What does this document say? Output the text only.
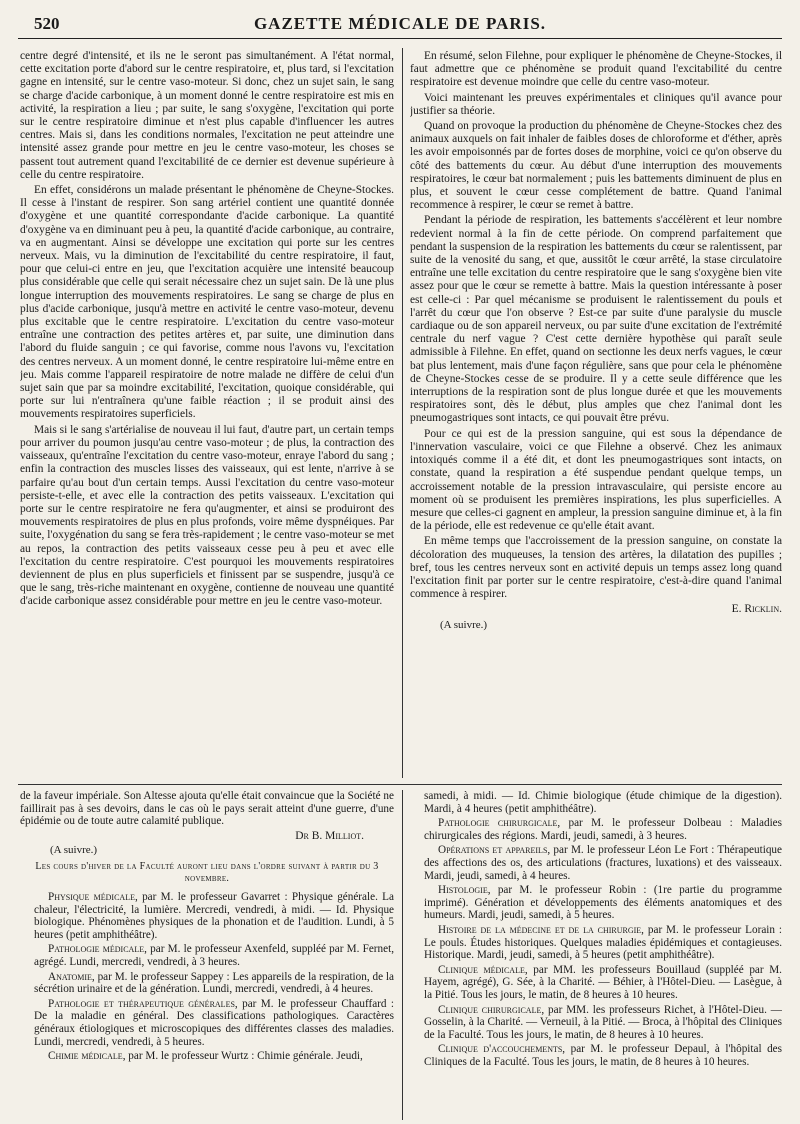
520	GAZETTE MÉDICALE DE PARIS.

centre degré d'intensité, et ils ne le seront pas simultanément. A l'état normal, cette excitation porte d'abord sur le centre respiratoire, et, plus tard, si l'excitation gagne en intensité, sur le centre vaso-moteur. Si donc, chez un sujet sain, le sang se charge d'acide carbonique, à un moment donné le centre respiratoire est mis en activité, la respiration a lieu ; par suite, le sang s'oxygène, l'excitation qui porte sur le centre respiratoire diminue et n'est plus capable d'influencer les autres centres. Mais si, dans les conditions normales, l'excitation ne peut atteindre une intensité assez grande pour mettre en jeu le centre vaso-moteur, les choses se passent tout autrement quand l'excitabilité de ce dernier est devenue supérieure à celle du centre respiratoire.

En effet, considérons un malade présentant le phénomène de Cheyne-Stockes. Il cesse à l'instant de respirer. Son sang artériel contient une quantité donnée d'oxygène et une quantité correspondante d'acide carbonique. La quantité d'oxygène va en diminuant peu à peu, la quantité d'acide carbonique, au contraire, va en augmentant. Ainsi se développe une excitation qui porte sur les centres nerveux. Mais, vu la diminution de l'excitabilité du centre respiratoire, il faut, pour que celui-ci entre en jeu, que l'excitation acquière une intensité beaucoup plus considérable que celle qui serait nécessaire chez un sujet sain. De là une plus longue interruption des mouvements respiratoires. Le sang se charge de plus en plus d'acide carbonique, jusqu'à mettre en activité le centre vaso-moteur, devenu plus excitable que le centre respiratoire. L'excitation du centre vaso-moteur entraîne une contraction des petites artères et, par suite, une diminution dans l'abord du fluide sanguin ; ce qui favorise, comme nous l'avons vu, l'excitation des centres nerveux. A un moment donné, le centre respiratoire lui-même entre en jeu. Mais comme l'appareil respiratoire de notre malade ne diffère de celui d'un sujet sain que par sa moindre excitabilité, l'excitation, quoique considérable, qui porte sur lui n'entraînera qu'une faible réaction ; il se produit ainsi des mouvements respiratoires superficiels.

Mais si le sang s'artérialise de nouveau il lui faut, d'autre part, un certain temps pour arriver du poumon jusqu'au centre vaso-moteur ; de plus, la contraction des vaisseaux, qu'entraîne l'excitation du centre vaso-moteur, enraye l'abord du sang ; enfin la contraction des muscles lisses des vaisseaux, qui est lente, n'arrive à se parfaire qu'au bout d'un certain temps. Aussi l'excitation du centre vaso-moteur persiste-t-elle, et avec elle la contraction des petits vaisseaux. L'excitation qui porte sur le centre respiratoire ne fera qu'augmenter, et ainsi se produiront des mouvements respiratoires de plus en plus profonds, voire même dyspnéiques. Par suite, l'oxygénation du sang se fera très-rapidement ; le centre vaso-moteur se met au repos, la contraction des petits vaisseaux cesse peu à peu et avec elle l'excitation du centre respiratoire. C'est pourquoi les mouvements respiratoires deviennent de plus en plus superficiels et finissent par se suspendre, jusqu'à ce que le sang, très-riche maintenant en oxygène, contienne de nouveau une quantité d'acide carbonique assez considérable pour mettre en jeu le centre vaso-moteur.

En résumé, selon Filehne, pour expliquer le phénomène de Cheyne-Stockes, il faut admettre que ce phénomène se produit quand l'excitabilité du centre respiratoire est devenue moindre que celle du centre vaso-moteur.

Voici maintenant les preuves expérimentales et cliniques qu'il avance pour justifier sa théorie.

Quand on provoque la production du phénomène de Cheyne-Stockes chez des animaux auxquels on fait inhaler de faibles doses de chloroforme et d'éther, après les avoir empoisonnés par de fortes doses de morphine, voici ce qu'on observe du côté des battements du cœur. Au début d'une interruption des mouvements respiratoires, le cœur bat normalement ; puis les battements diminuent de plus en plus, et souvent le cœur cesse complétement de battre. Quand l'animal recommence à respirer, le cœur se remet à battre.

Pendant la période de respiration, les battements s'accélèrent et leur nombre redevient normal à la fin de cette période. On comprend parfaitement que pendant la suspension de la respiration les battements du cœur se ralentissent, par suite de la venosité du sang, et que, aussitôt le cœur arrêté, la stase circulatoire entraîne une telle excitation du centre respiratoire que le sang s'oxygène bien vite assez pour que le cœur se remette à battre. Mais la question intéressante à poser est celle-ci : Par quel mécanisme se produisent le ralentissement du pouls et l'arrêt du cœur que l'on observe ? Est-ce par suite d'une paralysie du muscle cardiaque ou de son appareil nerveux, ou par suite d'une excitation de l'extrémité centrale du nerf vague ? C'est cette dernière hypothèse qui paraît seule admissible à Filehne. En effet, quand on sectionne les deux nerfs vagues, le cœur bat plus lentement, mais d'une façon régulière, sans que pour cela le phénomène de Cheyne-Stockes cesse de se produire. Il y a cette seule différence que les interruptions de la respiration sont de plus longue durée et que les mouvements respiratoires sont, dès le début, plus amples que chez l'animal dont les pneumogastriques sont intacts, ce qui pouvait être prévu.

Pour ce qui est de la pression sanguine, qui est sous la dépendance de l'innervation vasculaire, voici ce que Filehne a observé. Chez les animaux intoxiqués comme il a été dit, et dont les pneumogastriques sont intacts, on constate, quand la respiration a été suspendue pendant quelque temps, un accroissement notable de la pression intravasculaire, qui persiste encore au moment où se produisent les premières inspirations, les plus superficielles. A mesure que celles-ci gagnent en ampleur, la pression sanguine diminue et, à la fin de la période, elle est redevenue ce qu'elle était avant.

En même temps que l'accroissement de la pression sanguine, on constate la décoloration des muqueuses, la tension des artères, la dilatation des pupilles ; bref, tous les centres nerveux sont en activité depuis un temps assez long quand l'excitation finit par porter sur le centre respiratoire, c'est-à-dire quand l'animal commence à respirer.

E. Ricklin.
(A suivre.)

de la faveur impériale. Son Altesse ajouta qu'elle était convaincue que la Société ne faillirait pas à ses devoirs, dans le cas où le pays serait atteint d'une guerre, d'une épidémie ou de toute autre calamité publique.

Dr B. Milliot.
(A suivre.)
Les cours d'hiver de la Faculté auront lieu dans l'ordre suivant à partir du 3 novembre.

Physique médicale, par M. le professeur Gavarret : Physique générale. La chaleur, l'électricité, la lumière. Mercredi, vendredi, à midi. — Id. Physique biologique. Phénomènes physiques de la phonation et de l'audition. Lundi, à 5 heures (petit amphithéâtre).

Pathologie médicale, par M. le professeur Axenfeld, suppléé par M. Fernet, agrégé. Lundi, mercredi, vendredi, à 3 heures.

Anatomie, par M. le professeur Sappey : Les appareils de la respiration, de la sécrétion urinaire et de la génération. Lundi, mercredi, vendredi, à 4 heures.

Pathologie et thérapeutique générales, par M. le professeur Chauffard : De la maladie en général. Des classifications pathologiques. Caractères généraux étiologiques et microscopiques des différentes classes des maladies. Lundi, mercredi, vendredi, à 5 heures.

Chimie médicale, par M. le professeur Wurtz : Chimie générale. Jeudi,

samedi, à midi. — Id. Chimie biologique (étude chimique de la digestion). Mardi, à 4 heures (petit amphithéâtre).

Pathologie chirurgicale, par M. le professeur Dolbeau : Maladies chirurgicales des régions. Mardi, jeudi, samedi, à 3 heures.

Opérations et appareils, par M. le professeur Léon Le Fort : Thérapeutique des affections des os, des articulations (fractures, luxations) et des vaisseaux. Mardi, jeudi, samedi, à 4 heures.

Histologie, par M. le professeur Robin : (1re partie du programme imprimé). Génération et développements des éléments anatomiques et des humeurs. Mardi, jeudi, samedi, à 5 heures.

Histoire de la médecine et de la chirurgie, par M. le professeur Lorain : Le pouls. Études historiques. Quelques maladies épidémiques et contagieuses. Historique. Mardi, jeudi, samedi, à 5 heures (petit amphithéâtre).

Clinique médicale, par MM. les professeurs Bouillaud (suppléé par M. Hayem, agrégé), G. Sée, à la Charité. — Béhier, à l'Hôtel-Dieu. — Lasègue, à la Pitié. Tous les jours, le matin, de 8 heures à 10 heures.

Clinique chirurgicale, par MM. les professeurs Richet, à l'Hôtel-Dieu. — Gosselin, à la Charité. — Verneuil, à la Pitié. — Broca, à l'hôpital des Cliniques de la Faculté. Tous les jours, le matin, de 8 heures à 10 heures.

Clinique d'accouchements, par M. le professeur Depaul, à l'hôpital des Cliniques de la Faculté. Tous les jours, le matin, de 8 heures à 10 heures.
